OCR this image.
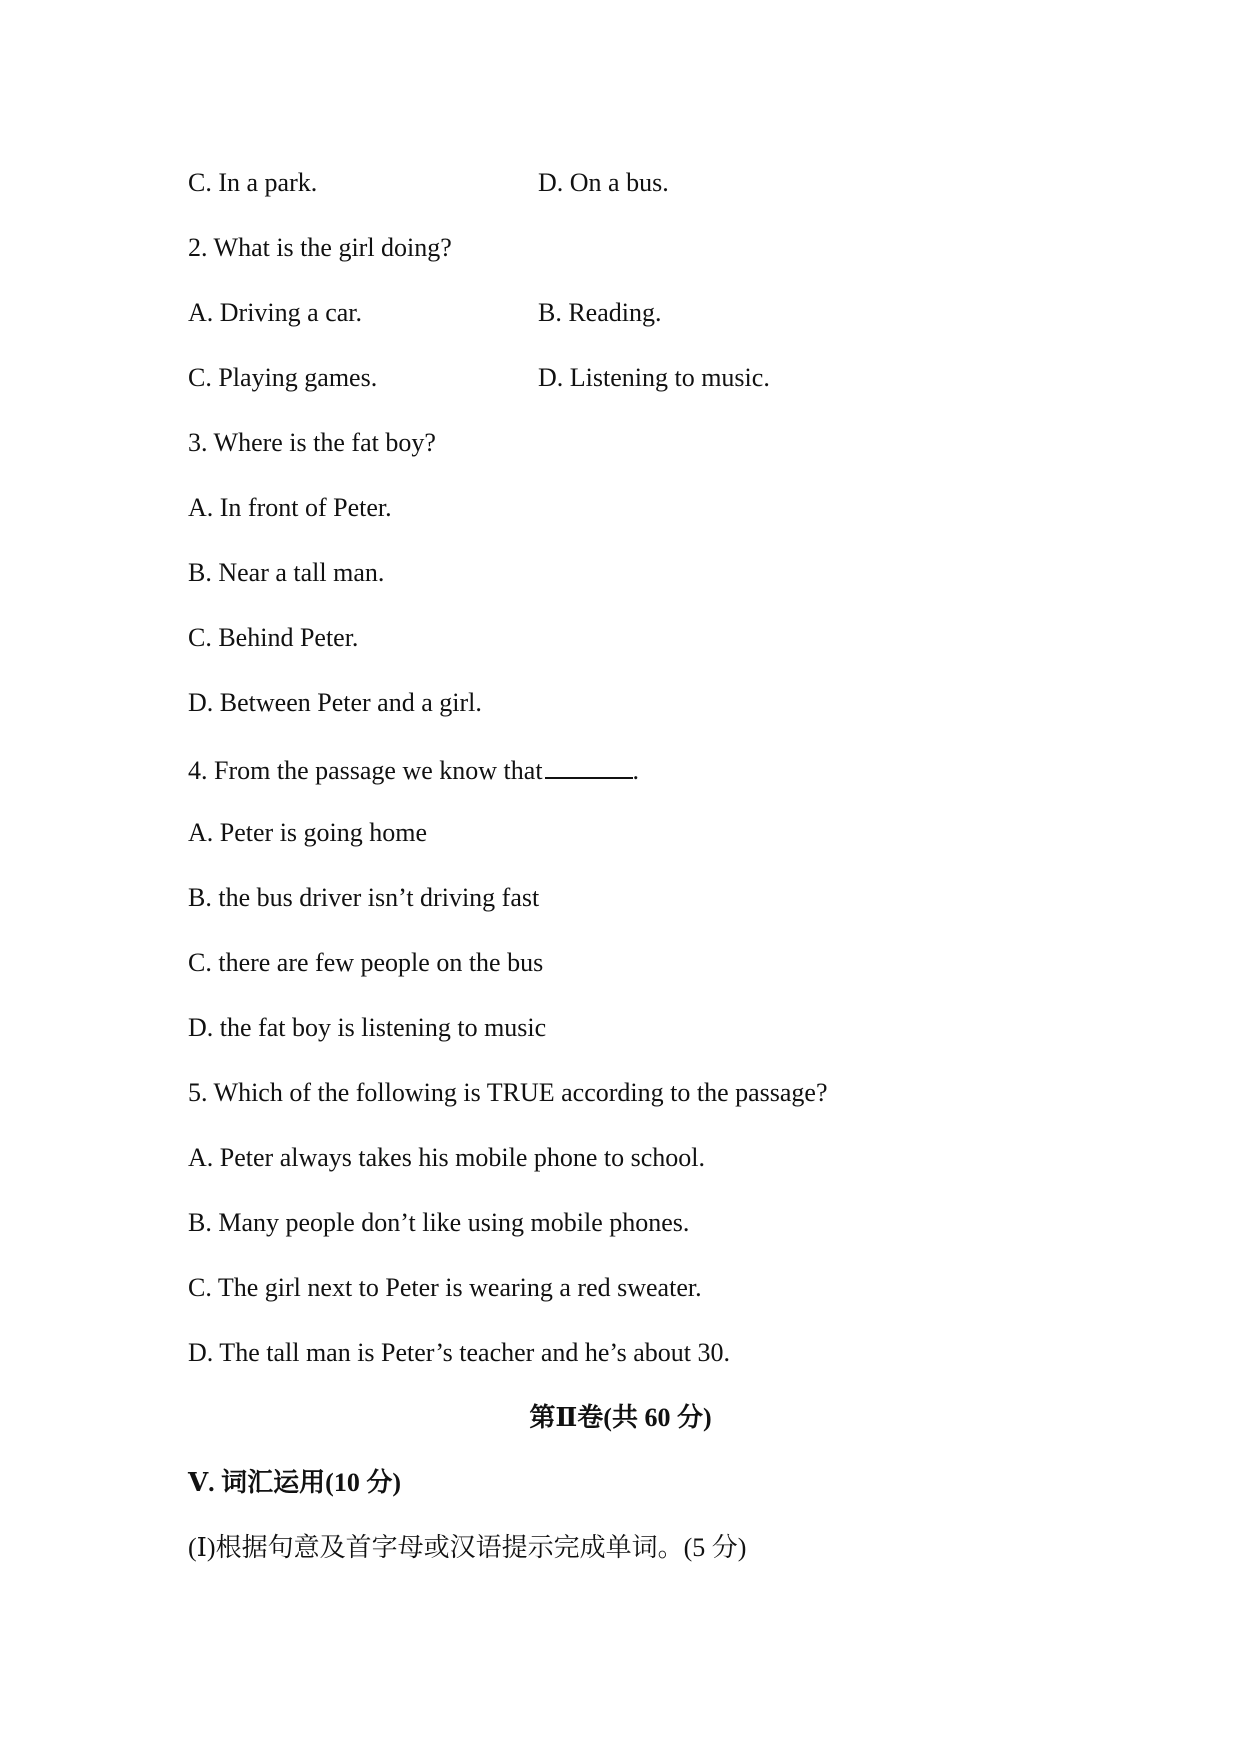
C. In a park.	D. On a bus.
2. What is the girl doing?
A. Driving a car.	B. Reading.
C. Playing games.	D. Listening to music.
3. Where is the fat boy?
A. In front of Peter.
B. Near a tall man.
C. Behind Peter.
D. Between Peter and a girl.
4. From the passage we know that	.
A. Peter is going home
B. the bus driver isn’t driving fast
C. there are few people on the bus
D. the fat boy is listening to music
5. Which of the following is TRUE according to the passage?
A. Peter always takes his mobile phone to school.
B. Many people don’t like using mobile phones.
C. The girl next to Peter is wearing a red sweater.
D. The tall man is Peter’s teacher and he’s about 30.
第Ⅱ卷(共 60 分)
Ⅴ. 词汇运用(10 分)
(Ⅰ)根据句意及首字母或汉语提示完成单词。(5 分)
